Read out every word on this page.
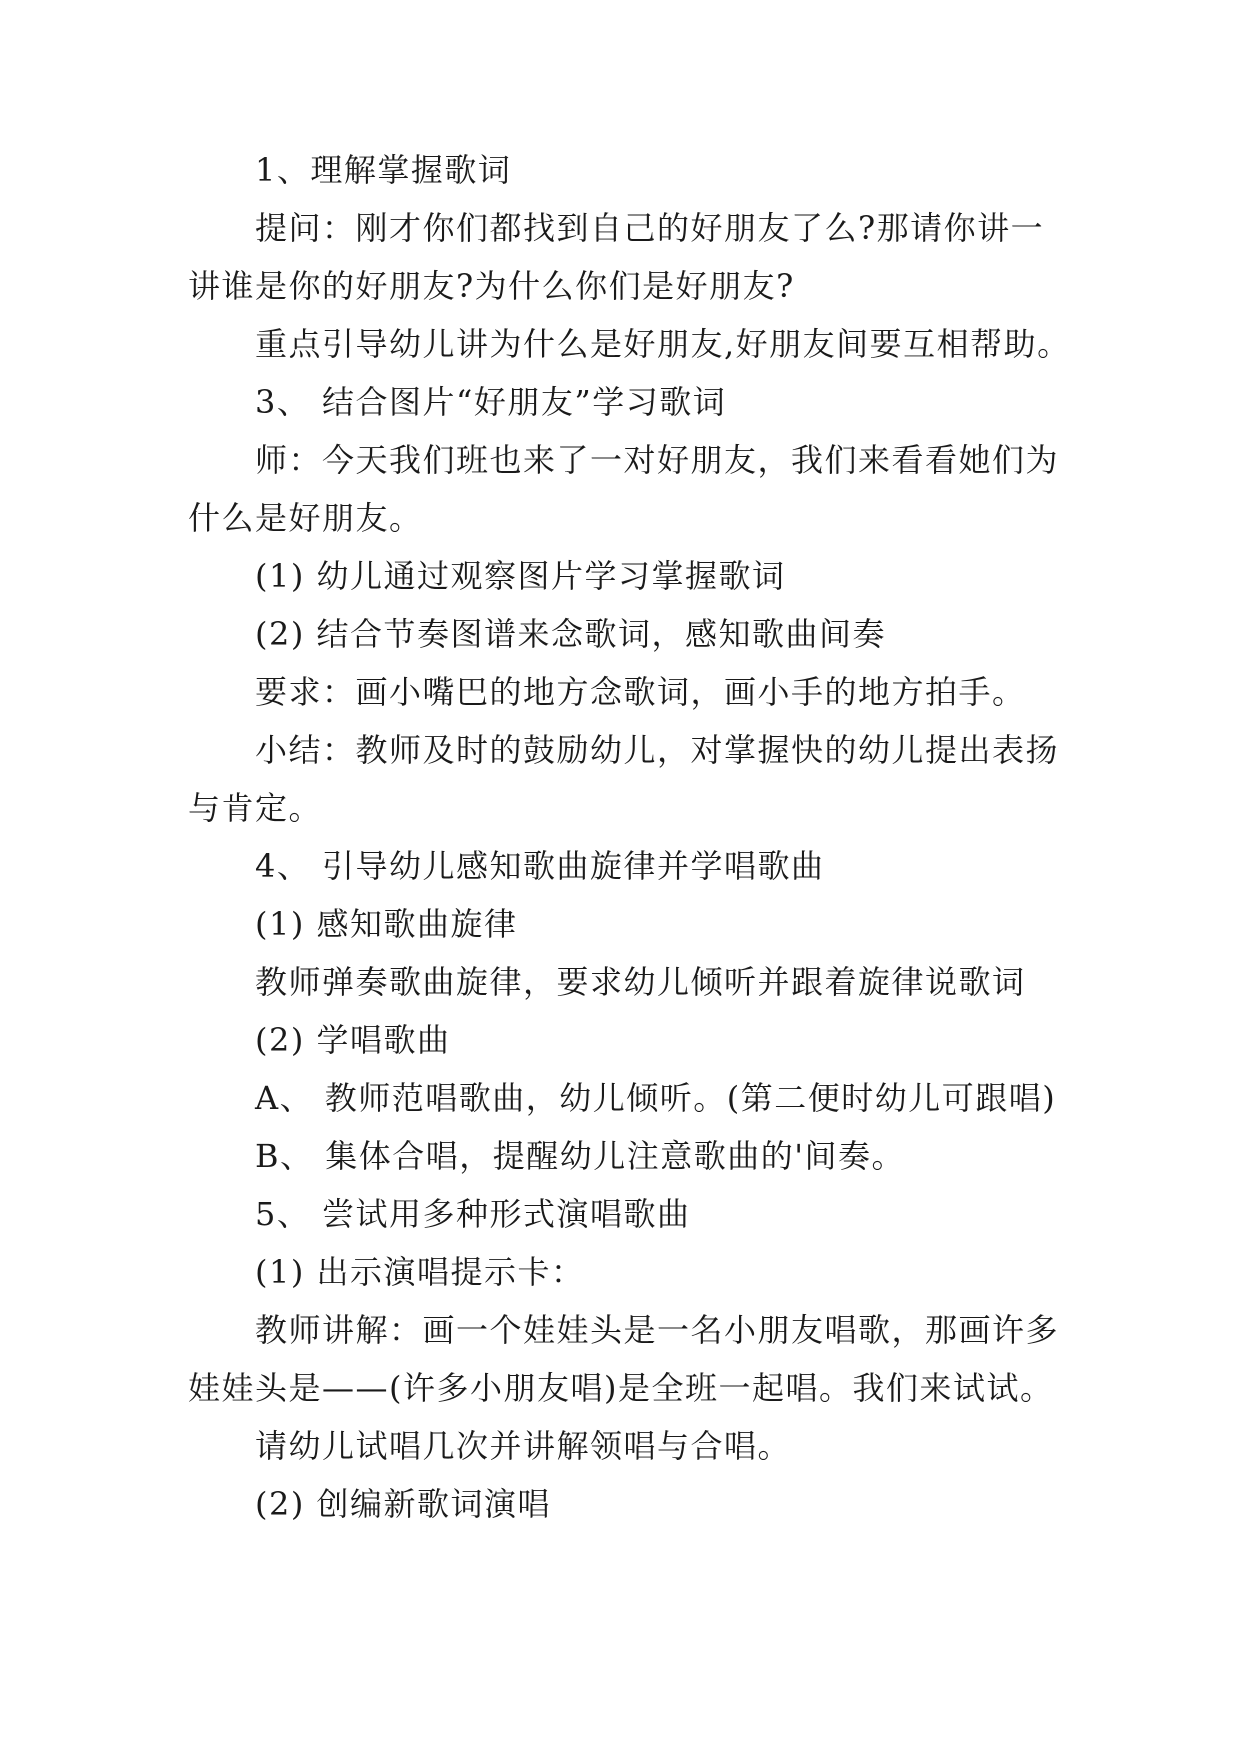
1、理解掌握歌词
提问：刚才你们都找到自己的好朋友了么?那请你讲一
讲谁是你的好朋友?为什么你们是好朋友?
重点引导幼儿讲为什么是好朋友,好朋友间要互相帮助。
3、 结合图片“好朋友”学习歌词
师：今天我们班也来了一对好朋友，我们来看看她们为
什么是好朋友。
(1) 幼儿通过观察图片学习掌握歌词
(2) 结合节奏图谱来念歌词，感知歌曲间奏
要求：画小嘴巴的地方念歌词，画小手的地方拍手。
小结：教师及时的鼓励幼儿，对掌握快的幼儿提出表扬
与肯定。
4、 引导幼儿感知歌曲旋律并学唱歌曲
(1) 感知歌曲旋律
教师弹奏歌曲旋律，要求幼儿倾听并跟着旋律说歌词
(2) 学唱歌曲
A、 教师范唱歌曲，幼儿倾听。(第二便时幼儿可跟唱)
B、 集体合唱，提醒幼儿注意歌曲的'间奏。
5、 尝试用多种形式演唱歌曲
(1) 出示演唱提示卡：
教师讲解：画一个娃娃头是一名小朋友唱歌，那画许多
娃娃头是——(许多小朋友唱)是全班一起唱。我们来试试。
请幼儿试唱几次并讲解领唱与合唱。
(2) 创编新歌词演唱
